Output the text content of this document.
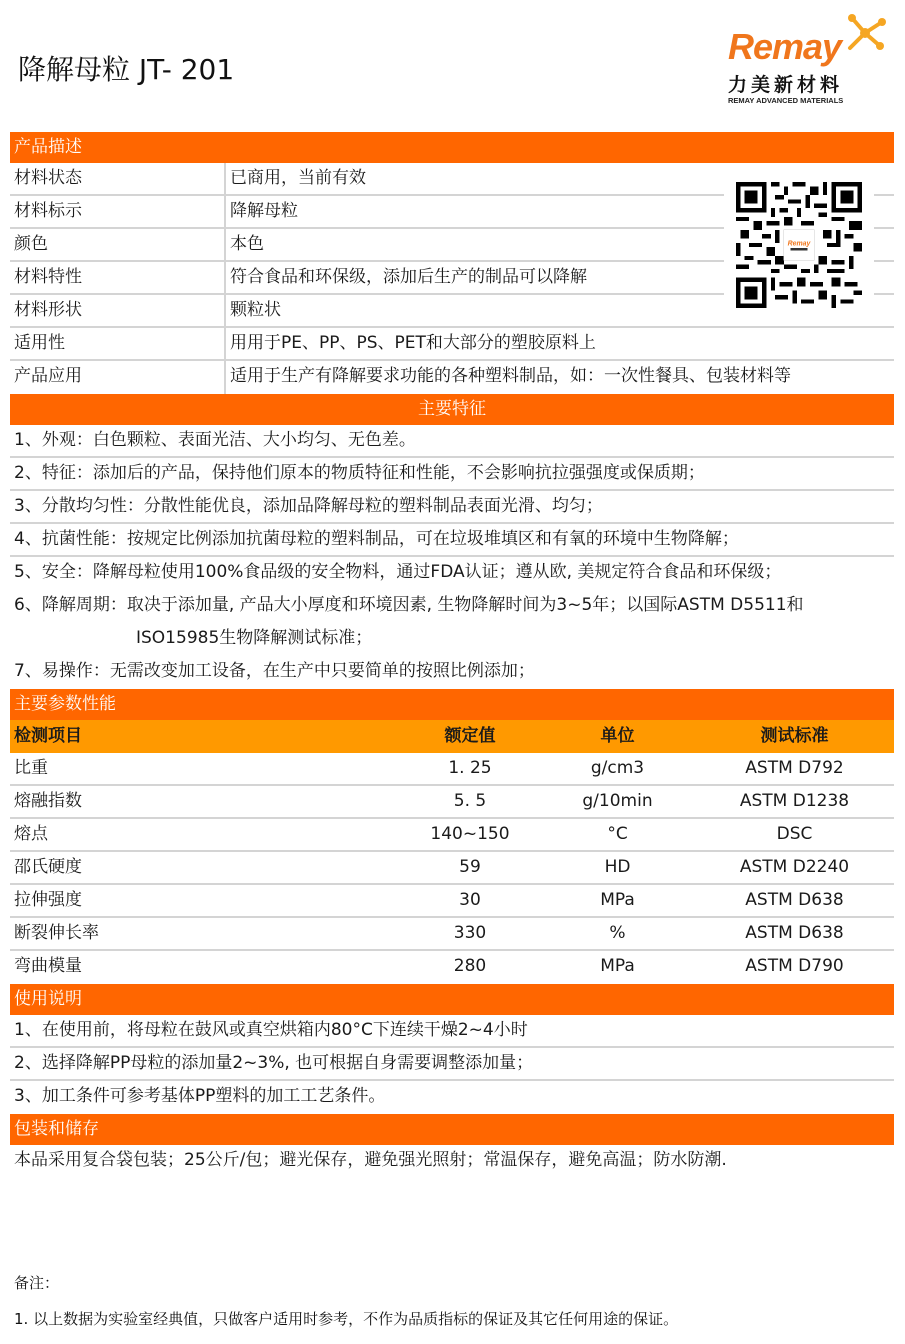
降解母粒 JT- 201
Remay
力美新材料
REMAY ADVANCED MATERIALS
产品描述
材料状态	已商用，当前有效
材料标示	降解母粒
颜色	本色
材料特性	符合食品和环保级，添加后生产的制品可以降解
材料形状	颗粒状
适用性	用用于PE、PP、PS、PET和大部分的塑胶原料上
产品应用	适用于生产有降解要求功能的各种塑料制品，如：一次性餐具、包装材料等
Remay
主要特征
1、外观：白色颗粒、表面光洁、大小均匀、无色差。
2、特征：添加后的产品，保持他们原本的物质特征和性能，不会影响抗拉强强度或保质期；
3、分散均匀性：分散性能优良，添加品降解母粒的塑料制品表面光滑、均匀；
4、抗菌性能：按规定比例添加抗菌母粒的塑料制品，可在垃圾堆填区和有氧的环境中生物降解；
5、安全：降解母粒使用100%食品级的安全物料，通过FDA认证；遵从欧, 美规定符合食品和环保级；
6、降解周期：取决于添加量, 产品大小厚度和环境因素, 生物降解时间为3~5年；以国际ASTM D5511和
ISO15985生物降解测试标准；
7、易操作：无需改变加工设备，在生产中只要简单的按照比例添加；
主要参数性能
检测项目	额定值	单位	测试标准
比重	1. 25	g/cm3	ASTM D792
熔融指数	5. 5	g/10min	ASTM D1238
熔点	140~150	°C	DSC
邵氏硬度	59	HD	ASTM D2240
拉伸强度	30	MPa	ASTM D638
断裂伸长率	330	%	ASTM D638
弯曲模量	280	MPa	ASTM D790
使用说明
1、在使用前，将母粒在鼓风或真空烘箱内80°C下连续干燥2~4小时
2、选择降解PP母粒的添加量2~3%, 也可根据自身需要调整添加量；
3、加工条件可参考基体PP塑料的加工工艺条件。
包装和储存
本品采用复合袋包装；25公斤/包；避光保存，避免强光照射；常温保存，避免高温；防水防潮.
备注：
1. 以上数据为实验室经典值，只做客户适用时参考，不作为品质指标的保证及其它任何用途的保证。
